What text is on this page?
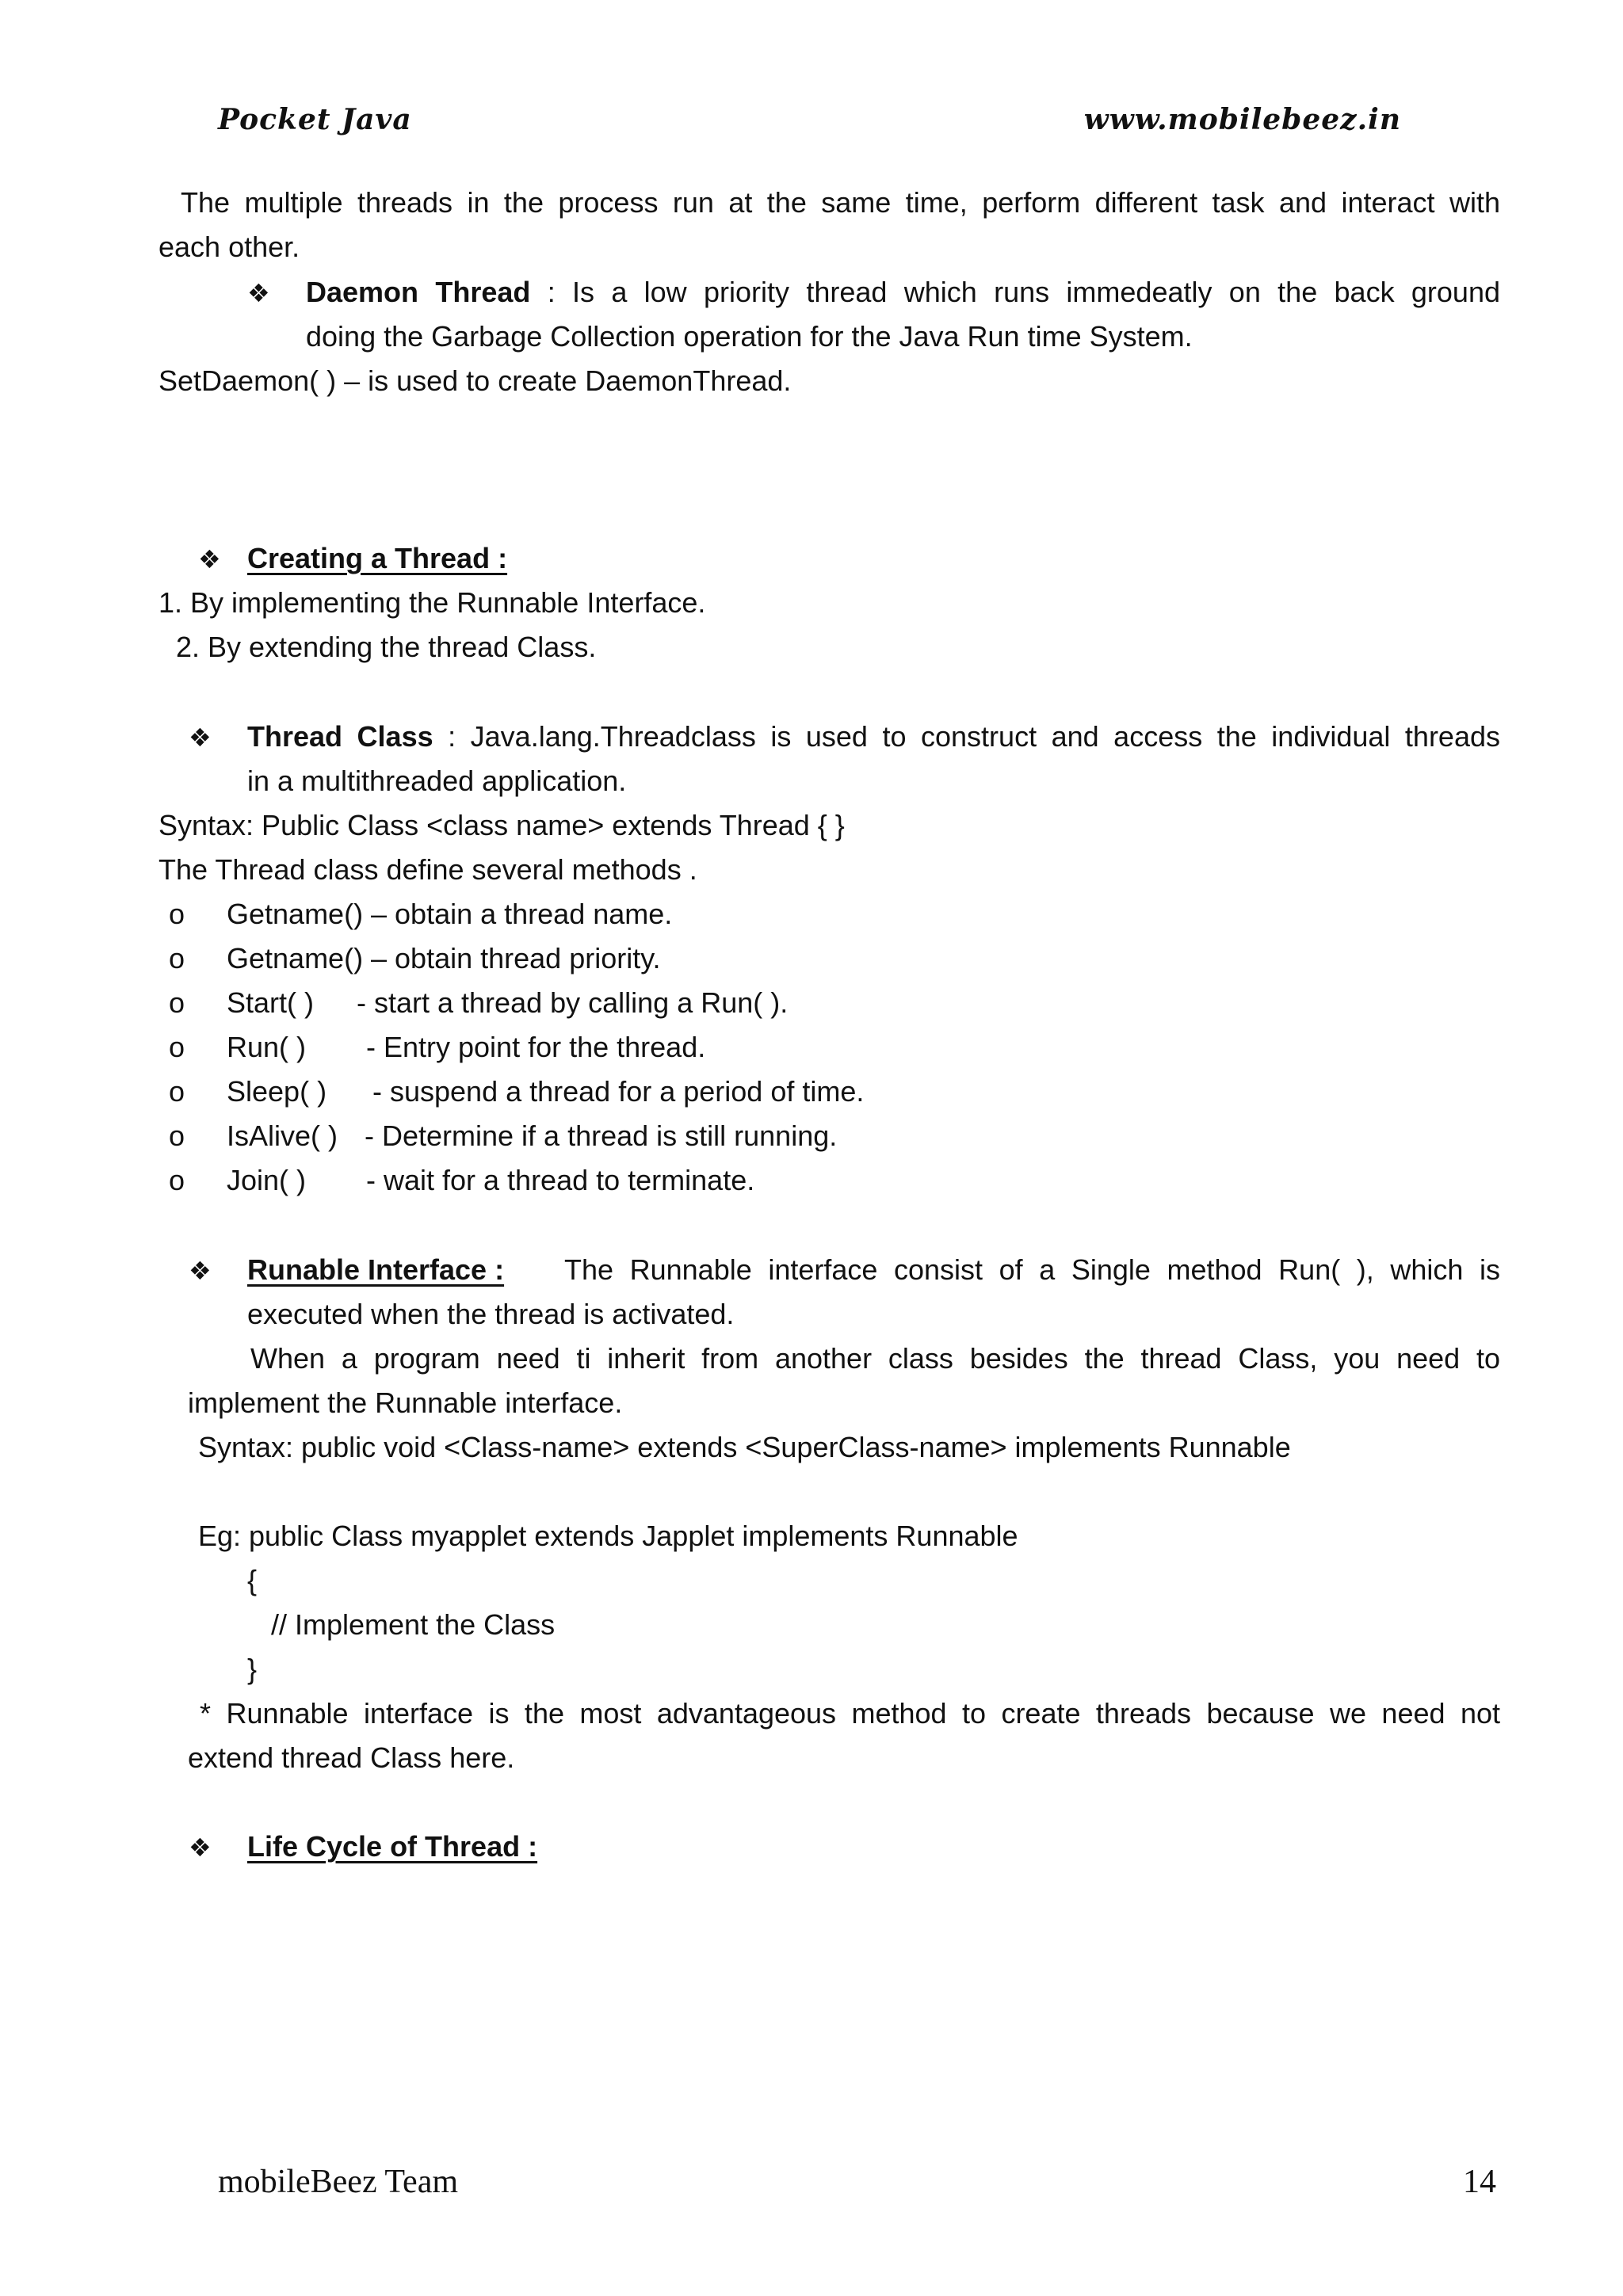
Pocket Java	www.mobilebeez.in
The multiple threads in the process run at the same time, perform different task and interact with
each other.
❖ Daemon Thread : Is a low priority thread which runs immedeatly on the back ground
doing the Garbage Collection operation for the Java Run time System.
SetDaemon( ) – is used to create DaemonThread.
❖ Creating a Thread :
1. By implementing the Runnable Interface.
2. By extending the thread Class.
❖ Thread Class : Java.lang.Threadclass is used to construct and access the individual threads
in a multithreaded application.
Syntax: Public Class <class name> extends Thread { }
The Thread class define several methods .
o Getname() – obtain a thread name.
o Getname() – obtain thread priority.
o Start( ) - start a thread by calling a Run( ).
o Run( ) - Entry point for the thread.
o Sleep( ) - suspend a thread for a period of time.
o IsAlive( ) - Determine if a thread is still running.
o Join( ) - wait for a thread to terminate.
❖ Runable Interface : The Runnable interface consist of a Single method Run( ), which is
executed when the thread is activated.
When a program need ti inherit from another class besides the thread Class, you need to
implement the Runnable interface.
Syntax: public void <Class-name> extends <SuperClass-name> implements Runnable
Eg: public Class myapplet extends Japplet implements Runnable
{
// Implement the Class
}
* Runnable interface is the most advantageous method to create threads because we need not
extend thread Class here.
❖ Life Cycle of Thread :
mobileBeez Team	14
